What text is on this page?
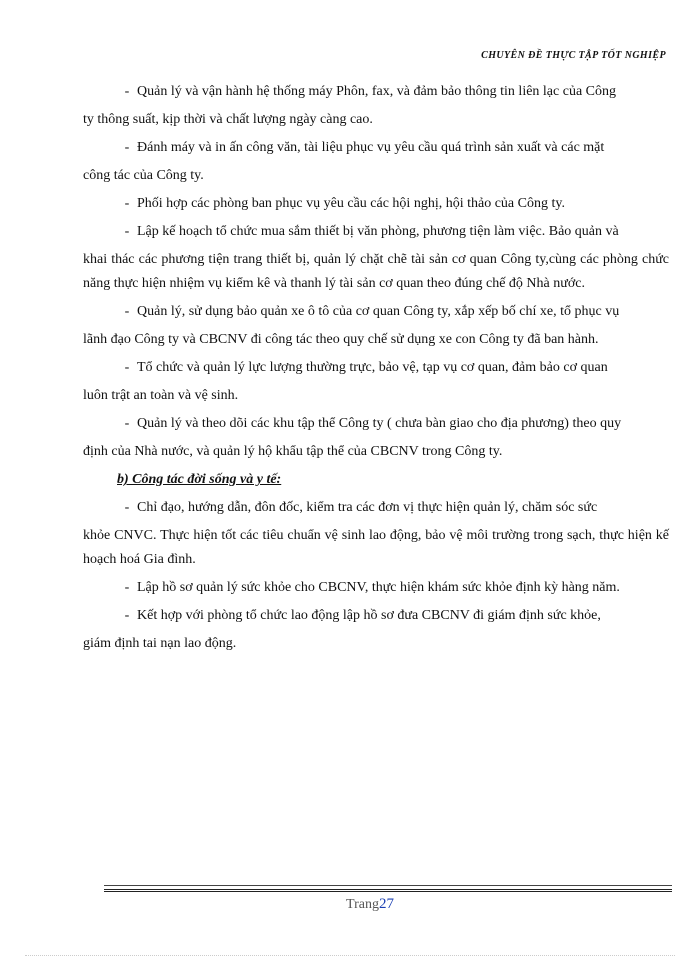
CHUYÊN ĐỀ THỰC TẬP TỐT NGHIỆP

- Quản lý và vận hành hệ thống máy Phôn, fax, và đảm bảo thông tin liên lạc của Công

ty thông suất, kịp thời và chất lượng ngày càng cao.

- Đánh máy và in ấn công văn, tài liệu phục vụ yêu cầu quá trình sản xuất và các mặt

công tác của Công ty.

- Phối hợp các phòng ban phục vụ yêu cầu các hội nghị, hội thảo của Công ty.

- Lập kế hoạch tổ chức mua sắm thiết bị văn phòng, phương tiện làm việc. Bảo quản và

khai thác các phương tiện trang thiết bị, quản lý chặt chẽ tài sản cơ quan Công ty,cùng các phòng chức năng thực hiện nhiệm vụ kiểm kê và thanh lý tài sản cơ quan theo đúng chế độ Nhà nước.

- Quản lý, sử dụng bảo quản xe ô tô của cơ quan Công ty, xắp xếp bố chí xe, tổ phục vụ

lãnh đạo Công ty và CBCNV đi công tác theo quy chế sử dụng xe con Công ty đã ban hành.

- Tổ chức và quản lý lực lượng thường trực, bảo vệ, tạp vụ cơ quan, đảm bảo cơ quan

luôn trật an toàn và vệ sinh.

- Quản lý và theo dõi các khu tập thể Công ty ( chưa bàn giao cho địa phương) theo quy

định của Nhà nước, và quản lý hộ khẩu tập thể của CBCNV trong Công ty.

b) Công tác đời sống và y tế:

- Chỉ đạo, hướng dẫn, đôn đốc, kiểm tra các đơn vị thực hiện quản lý, chăm sóc sức

khỏe CNVC. Thực hiện tốt các tiêu chuẩn vệ sinh lao động, bảo vệ môi trường trong sạch, thực hiện kế hoạch hoá Gia đình.

- Lập hồ sơ quản lý sức khỏe cho CBCNV, thực hiện khám sức khỏe định kỳ hàng năm.

- Kết hợp với phòng tổ chức lao động lập hồ sơ đưa CBCNV đi giám định sức khỏe,

giám định tai nạn lao động.

Trang27
